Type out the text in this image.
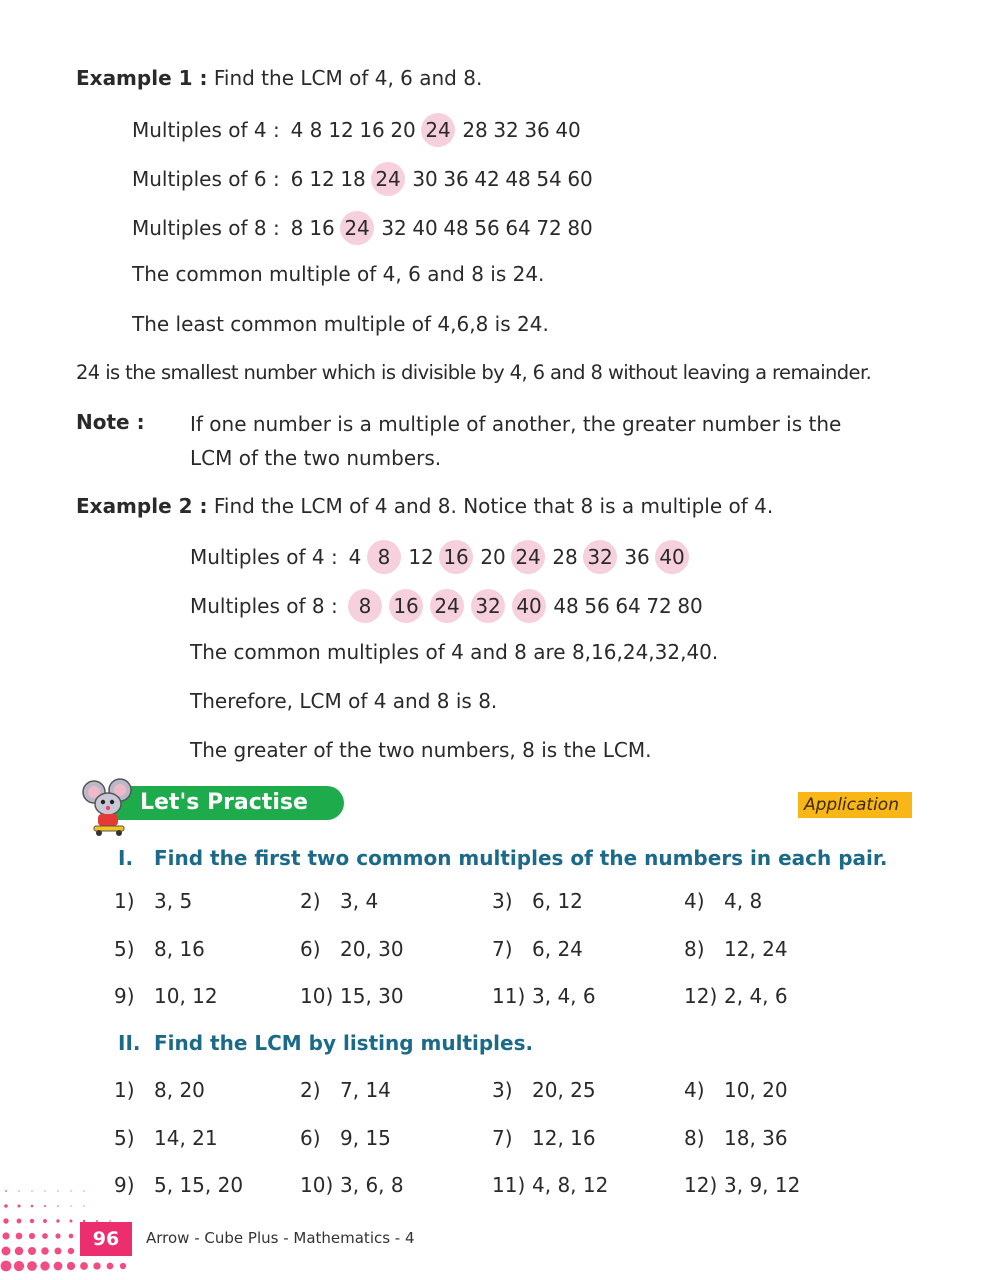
Example 1 : Find the LCM of 4, 6 and 8.
Multiples of 4 : 4 8 12 16 20 24 28 32 36 40
Multiples of 6 : 6 12 18 24 30 36 42 48 54 60
Multiples of 8 : 8 16 24 32 40 48 56 64 72 80
The common multiple of 4, 6 and 8 is 24.
The least common multiple of 4,6,8 is 24.
24 is the smallest number which is divisible by 4, 6 and 8 without leaving a remainder.
Note : If one number is a multiple of another, the greater number is the
LCM of the two numbers.
Example 2 : Find the LCM of 4 and 8. Notice that 8 is a multiple of 4.
Multiples of 4 : 4 8 12 16 20 24 28 32 36 40
Multiples of 8 :	8	16 24 32 40 48 56 64 72 80
The common multiples of 4 and 8 are 8,16,24,32,40.
Therefore, LCM of 4 and 8 is 8.
The greater of the two numbers, 8 is the LCM.
Let's Practise 5.2
Application
I. Find the first two common multiples of the numbers in each pair.
1) 3, 5	2) 3, 4	3) 6, 12	4) 4, 8
5) 8, 16	6) 20, 30	7) 6, 24	8) 12, 24
9) 10, 12	10) 15, 30	11) 3, 4, 6	12) 2, 4, 6
II. Find the LCM by listing multiples.
1) 8, 20	2) 7, 14	3) 20, 25	4) 10, 20
5) 14, 21	6) 9, 15	7) 12, 16	8) 18, 36
9) 5, 15, 20	10) 3, 6, 8	11) 4, 8, 12	12) 3, 9, 12
96	Arrow - Cube Plus - Mathematics - 4
